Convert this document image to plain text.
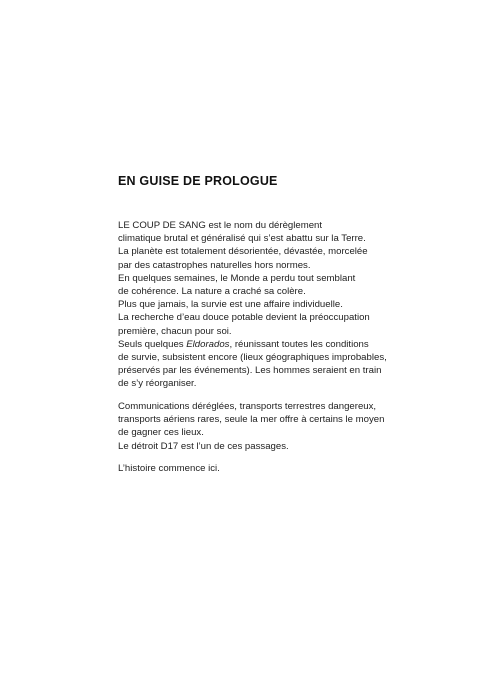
EN GUISE DE PROLOGUE
LE COUP DE SANG est le nom du dérèglement
climatique brutal et généralisé qui s’est abattu sur la Terre.
La planète est totalement désorientée, dévastée, morcelée
par des catastrophes naturelles hors normes.
En quelques semaines, le Monde a perdu tout semblant
de cohérence. La nature a craché sa colère.
Plus que jamais, la survie est une affaire individuelle.
La recherche d’eau douce potable devient la préoccupation
première, chacun pour soi.
Seuls quelques Eldorados, réunissant toutes les conditions
de survie, subsistent encore (lieux géographiques improbables,
préservés par les événements). Les hommes seraient en train
de s’y réorganiser.
Communications déréglées, transports terrestres dangereux,
transports aériens rares, seule la mer offre à certains le moyen
de gagner ces lieux.
Le détroit D17 est l’un de ces passages.
L’histoire commence ici.
